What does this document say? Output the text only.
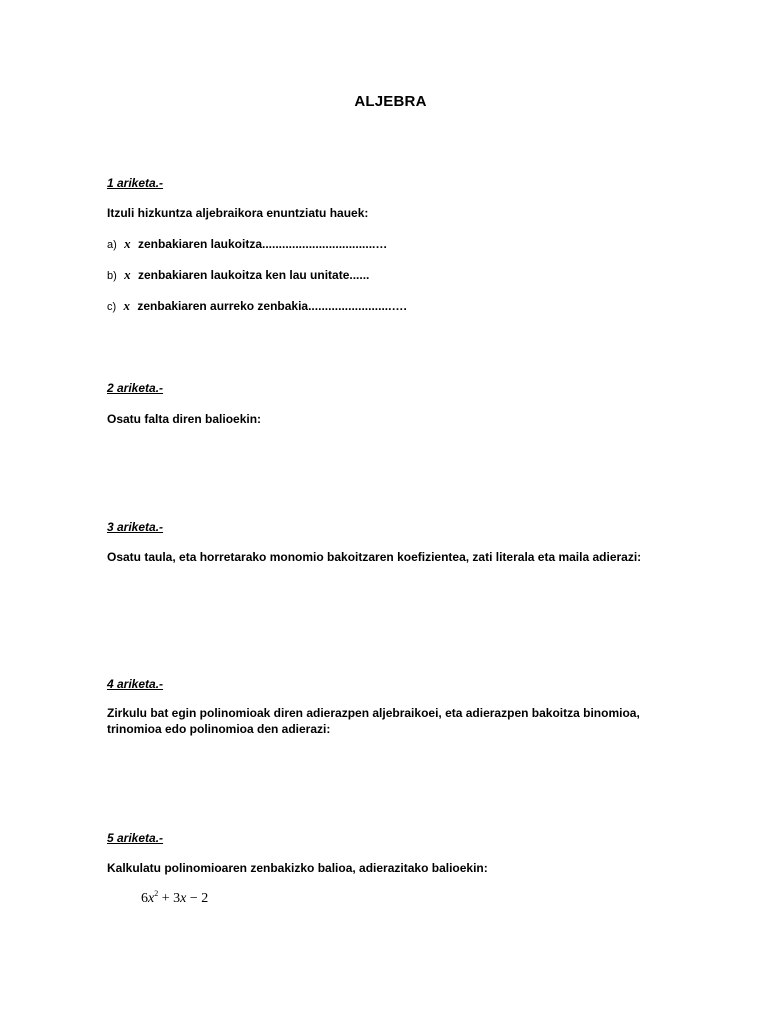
ALJEBRA
1 ariketa.-
Itzuli hizkuntza aljebraikora enuntziatu hauek:
a) x zenbakiaren laukoitza..................................…
b) x zenbakiaren laukoitza ken lau unitate......
c) x zenbakiaren aurreko zenbakia.........................….
2 ariketa.-
Osatu falta diren balioekin:
3 ariketa.-
Osatu taula, eta horretarako monomio bakoitzaren koefizientea, zati literala eta maila adierazi:
4 ariketa.-
Zirkulu bat egin polinomioak diren adierazpen aljebraikoei, eta adierazpen bakoitza binomioa, trinomioa edo polinomioa den adierazi:
5 ariketa.-
Kalkulatu polinomioaren zenbakizko balioa, adierazitako balioekin:
$6x^2 + 3x - 2$
